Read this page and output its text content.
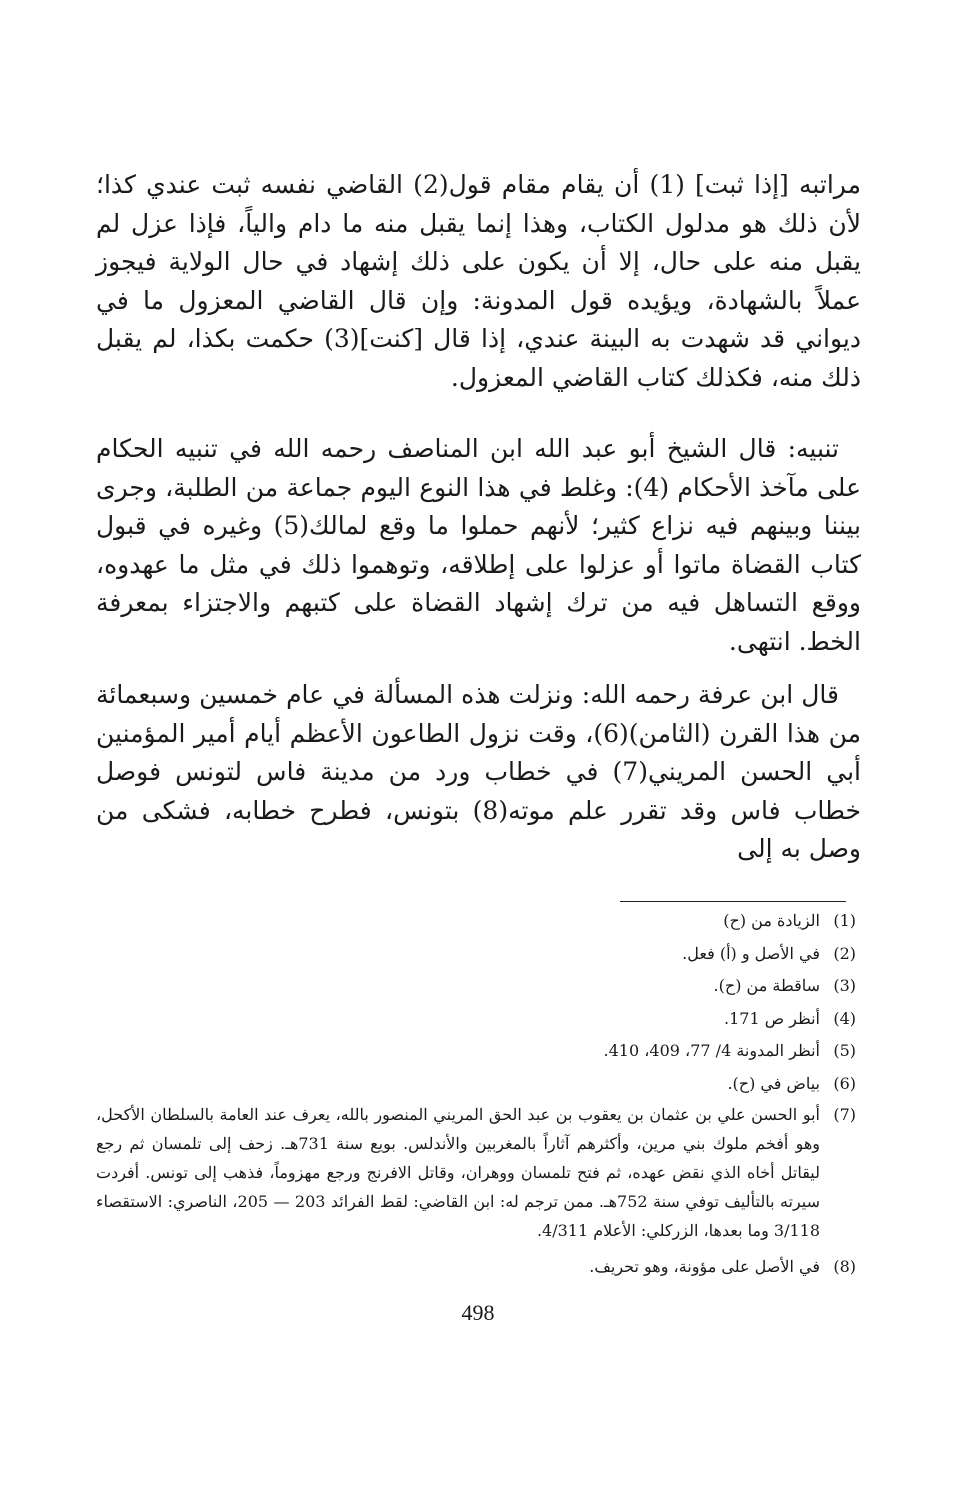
مراتبه [إذا ثبت] (1) أن يقام مقام قول(2) القاضي نفسه ثبت عندي كذا؛ لأن ذلك هو مدلول الكتاب، وهذا إنما يقبل منه ما دام والياً، فإذا عزل لم يقبل منه على حال، إلا أن يكون على ذلك إشهاد في حال الولاية فيجوز عملاً بالشهادة، ويؤيده قول المدونة: وإن قال القاضي المعزول ما في ديواني قد شهدت به البينة عندي، إذا قال [كنت](3) حكمت بكذا، لم يقبل ذلك منه، فكذلك كتاب القاضي المعزول.

تنبيه: قال الشيخ أبو عبد الله ابن المناصف رحمه الله في تنبيه الحكام على مآخذ الأحكام (4): وغلط في هذا النوع اليوم جماعة من الطلبة، وجرى بيننا وبينهم فيه نزاع كثير؛ لأنهم حملوا ما وقع لمالك(5) وغيره في قبول كتاب القضاة ماتوا أو عزلوا على إطلاقه، وتوهموا ذلك في مثل ما عهدوه، ووقع التساهل فيه من ترك إشهاد القضاة على كتبهم والاجتزاء بمعرفة الخط. انتهى.

قال ابن عرفة رحمه الله: ونزلت هذه المسألة في عام خمسين وسبعمائة من هذا القرن (الثامن)(6)، وقت نزول الطاعون الأعظم أيام أمير المؤمنين أبي الحسن المريني(7) في خطاب ورد من مدينة فاس لتونس فوصل خطاب فاس وقد تقرر علم موته(8) بتونس، فطرح خطابه، فشكى من وصل به إلى

(1)
الزيادة من (ح)
(2)
في الأصل و (أ) فعل.
(3)
ساقطة من (ح).
(4)
أنظر ص 171.
(5)
أنظر المدونة 4/ 77، 409، 410.
(6)
بياض في (ح).
(7)
أبو الحسن علي بن عثمان بن يعقوب بن عبد الحق المريني المنصور بالله، يعرف عند العامة بالسلطان الأكحل، وهو أفخم ملوك بني مرين، وأكثرهم آثاراً بالمغربين والأندلس. بويع سنة 731هـ. زحف إلى تلمسان ثم رجع ليقاتل أخاه الذي نقض عهده، ثم فتح تلمسان ووهران، وقاتل الافرنج ورجع مهزوماً، فذهب إلى تونس. أفردت سيرته بالتأليف توفي سنة 752هـ. ممن ترجم له: ابن القاضي: لقط الفرائد 203 — 205، الناصري: الاستقصاء 3/118 وما بعدها، الزركلي: الأعلام 4/311.
(8)
في الأصل على مؤونة، وهو تحريف.
498
